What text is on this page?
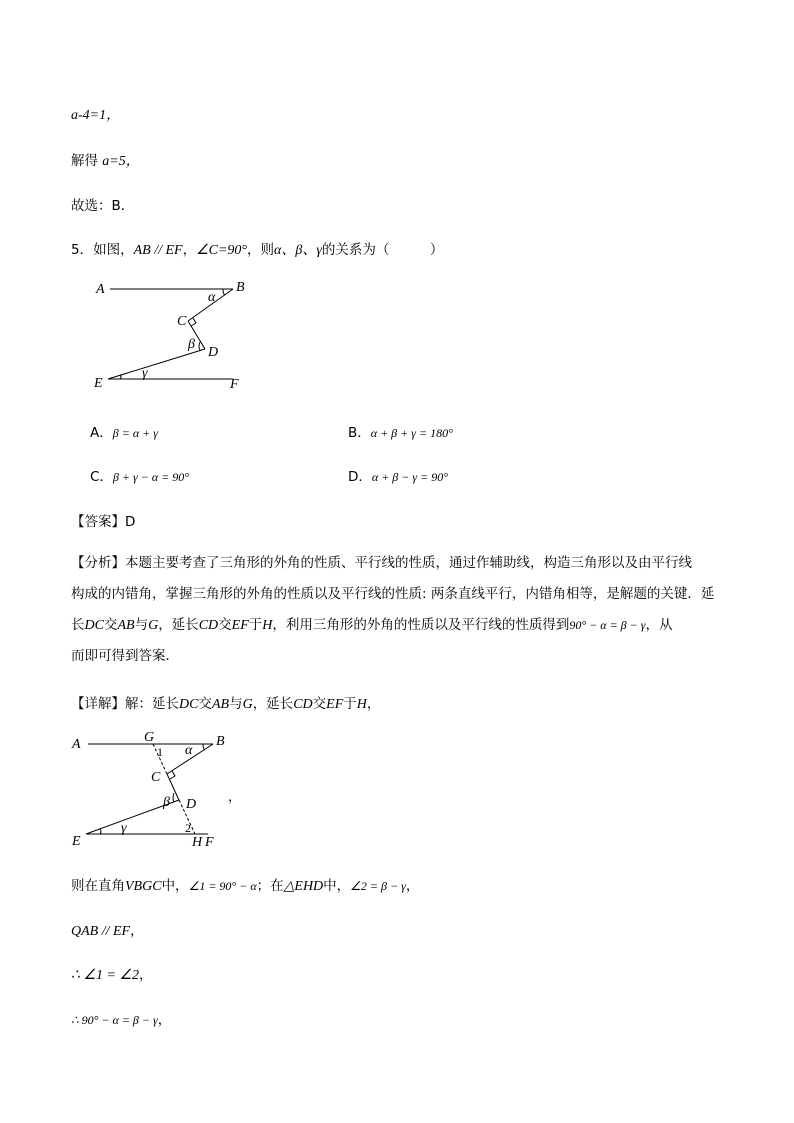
a-4=1，
解得 a=5，
故选：B．
5．如图，AB // EF，∠C=90°，则α、β、γ的关系为（　　　）
A	B
C
D
E	F
α
β
γ
A．β = α + γ	B．α + β + γ = 180°
C．β + γ − α = 90°	D．α + β − γ = 90°
【答案】D
【分析】本题主要考查了三角形的外角的性质、平行线的性质，通过作辅助线，构造三角形以及由平行线
构成的内错角，掌握三角形的外角的性质以及平行线的性质: 两条直线平行，内错角相等，是解题的关键．延
长DC交AB与G，延长CD交EF于H，利用三角形的外角的性质以及平行线的性质得到90° − α = β − γ，从
而即可得到答案．
【详解】解：延长DC交AB与G，延长CD交EF于H，
A	G	B
C
D
E	H F
α
1
β
γ	2
，
则在直角VBGC中，∠1 = 90° − α；在△EHD中，∠2 = β − γ，
QAB // EF，
∴ ∠1 = ∠2，
∴ 90° − α = β − γ，
